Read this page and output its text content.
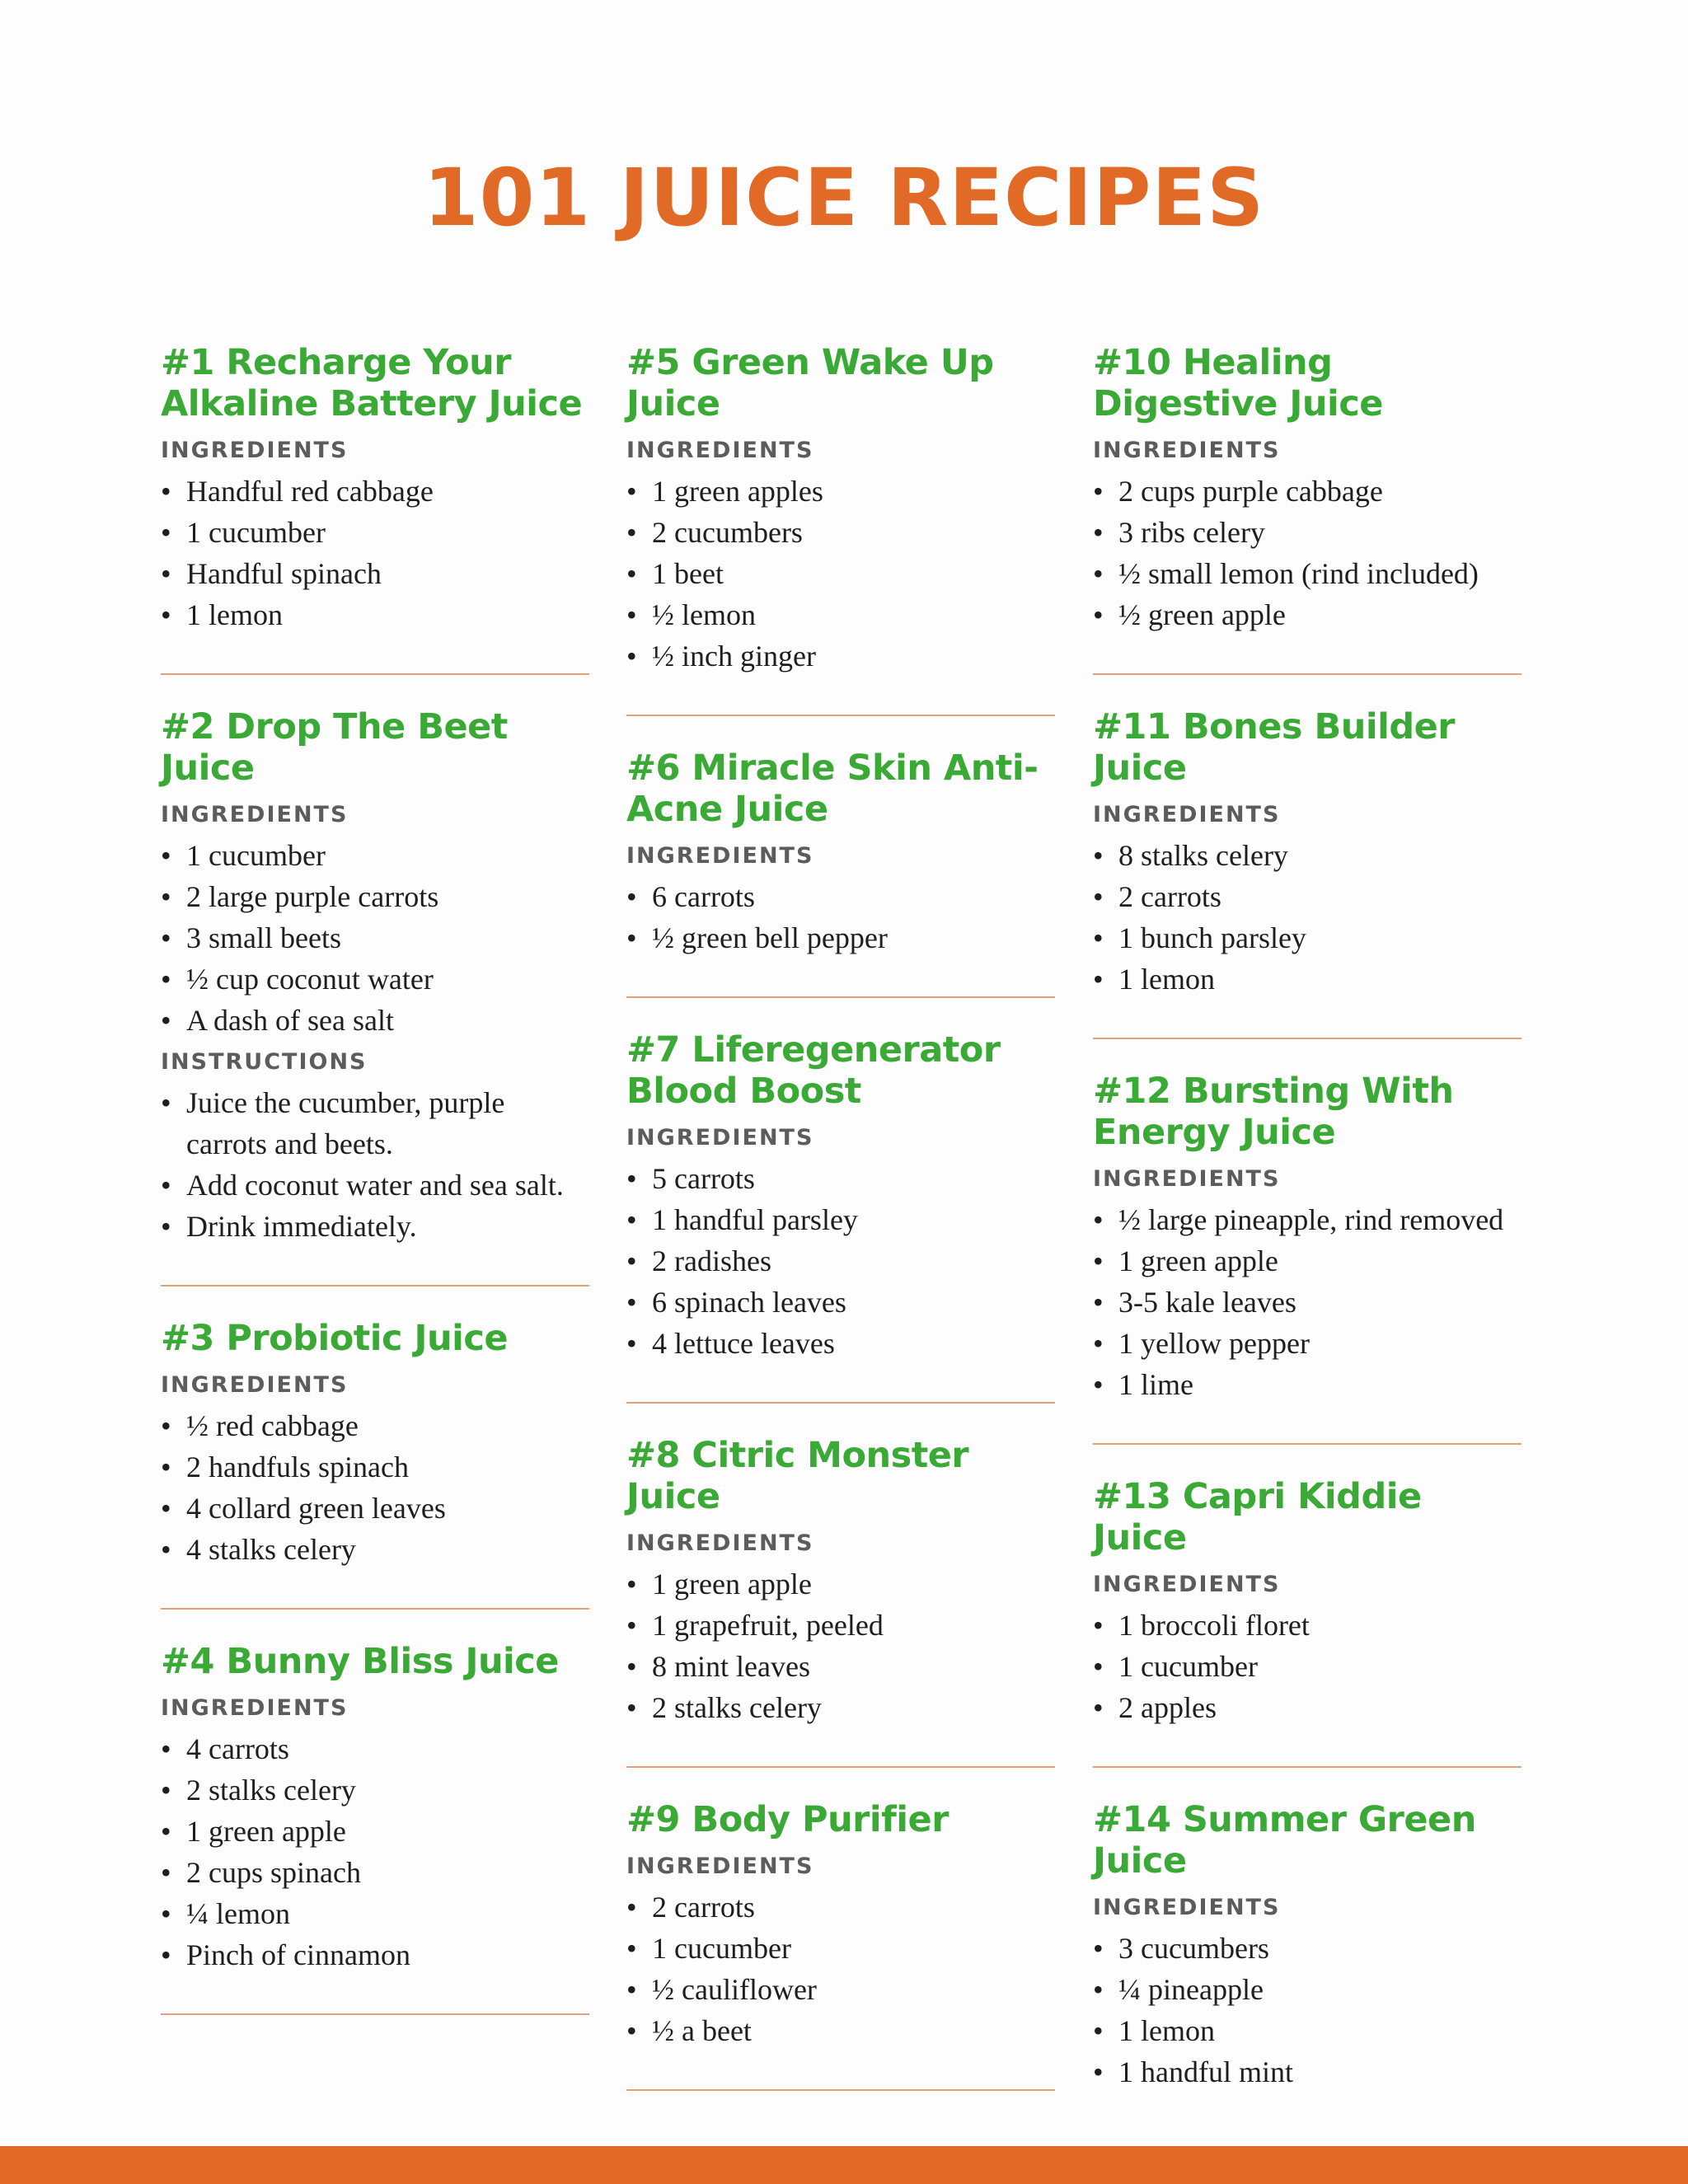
101 JUICE RECIPES
#1 Recharge Your Alkaline Battery Juice
INGREDIENTS
• Handful red cabbage
• 1 cucumber
• Handful spinach
• 1 lemon
#2 Drop The Beet Juice
INGREDIENTS
• 1 cucumber
• 2 large purple carrots
• 3 small beets
• ½ cup coconut water
• A dash of sea salt
INSTRUCTIONS
• Juice the cucumber, purple carrots and beets.
• Add coconut water and sea salt.
• Drink immediately.
#3 Probiotic Juice
INGREDIENTS
• ½ red cabbage
• 2 handfuls spinach
• 4 collard green leaves
• 4 stalks celery
#4 Bunny Bliss Juice
INGREDIENTS
• 4 carrots
• 2 stalks celery
• 1 green apple
• 2 cups spinach
• ¼ lemon
• Pinch of cinnamon
#5 Green Wake Up Juice
INGREDIENTS
• 1 green apples
• 2 cucumbers
• 1 beet
• ½ lemon
• ½ inch ginger
#6 Miracle Skin Anti-Acne Juice
INGREDIENTS
• 6 carrots
• ½ green bell pepper
#7 Liferegenerator Blood Boost
INGREDIENTS
• 5 carrots
• 1 handful parsley
• 2 radishes
• 6 spinach leaves
• 4 lettuce leaves
#8 Citric Monster Juice
INGREDIENTS
• 1 green apple
• 1 grapefruit, peeled
• 8 mint leaves
• 2 stalks celery
#9 Body Purifier
INGREDIENTS
• 2 carrots
• 1 cucumber
• ½ cauliflower
• ½ a beet
#10 Healing Digestive Juice
INGREDIENTS
• 2 cups purple cabbage
• 3 ribs celery
• ½ small lemon (rind included)
• ½ green apple
#11 Bones Builder Juice
INGREDIENTS
• 8 stalks celery
• 2 carrots
• 1 bunch parsley
• 1 lemon
#12 Bursting With Energy Juice
INGREDIENTS
• ½ large pineapple, rind removed
• 1 green apple
• 3-5 kale leaves
• 1 yellow pepper
• 1 lime
#13 Capri Kiddie Juice
INGREDIENTS
• 1 broccoli floret
• 1 cucumber
• 2 apples
#14 Summer Green Juice
INGREDIENTS
• 3 cucumbers
• ¼ pineapple
• 1 lemon
• 1 handful mint
